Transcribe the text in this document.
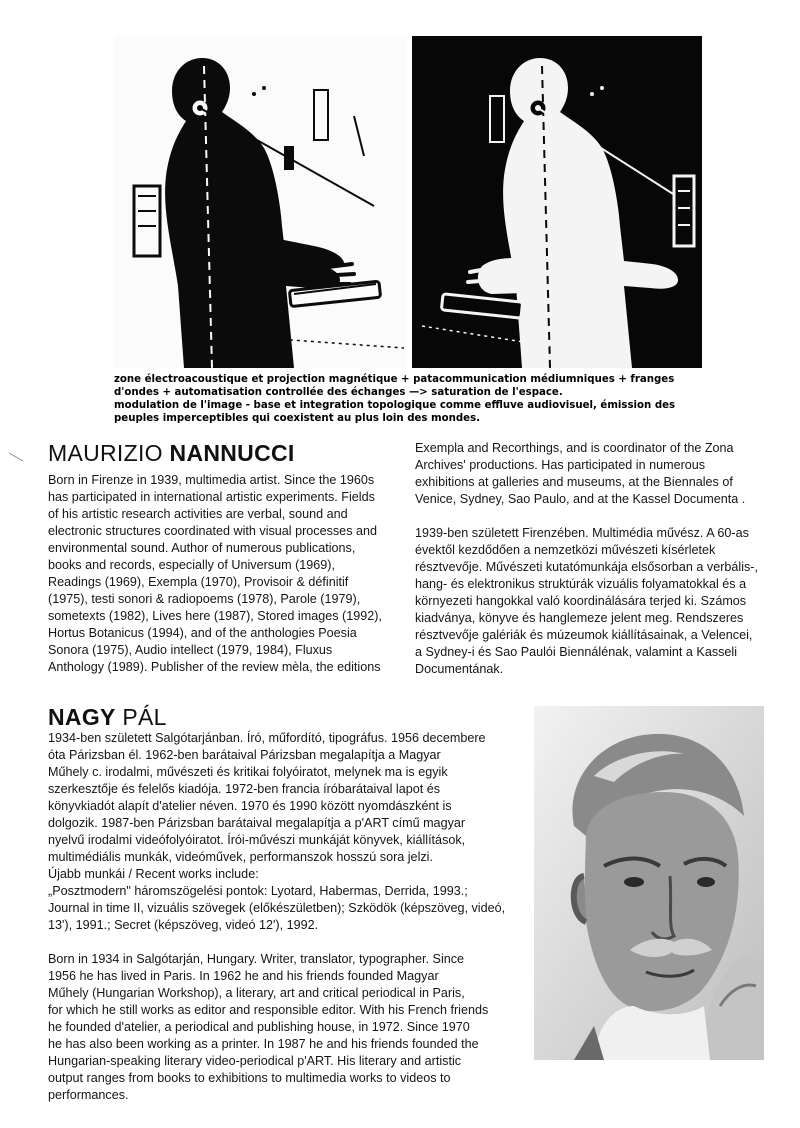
zone électroacoustique et projection magnétique + patacommunication médiumniques + franges
d'ondes + automatisation controllée des échanges —> saturation de l'espace.
modulation de l'image - base et integration topologique comme effluve audiovisuel, émission des
peuples imperceptibles qui coexistent au plus loin des mondes.
MAURIZIO NANNUCCI
Born in Firenze in 1939, multimedia artist. Since the 1960s
has participated in international artistic experiments. Fields
of his artistic research activities are verbal, sound and
electronic structures coordinated with visual processes and
environmental sound. Author of numerous publications,
books and records, especially of Universum (1969),
Readings (1969), Exempla (1970), Provisoir & définitif
(1975), testi sonori & radiopoems (1978), Parole (1979),
sometexts (1982), Lives here (1987), Stored images (1992),
Hortus Botanicus (1994), and of the anthologies Poesia
Sonora (1975), Audio intellect (1979, 1984), Fluxus
Anthology (1989). Publisher of the review mèla, the editions
Exempla and Recorthings, and is coordinator of the Zona
Archives' productions. Has participated in numerous
exhibitions at galleries and museums, at the Biennales of
Venice, Sydney, Sao Paulo, and at the Kassel Documenta .
1939-ben született Firenzében. Multimédia művész. A 60-as
évektől kezdődően a nemzetközi művészeti kísérletek
résztvevője. Művészeti kutatómunkája elsősorban a verbális-,
hang- és elektronikus struktúrák vizuális folyamatokkal és a
környezeti hangokkal való koordinálására terjed ki. Számos
kiadványa, könyve és hanglemeze jelent meg. Rendszeres
résztvevője galériák és múzeumok kiállításainak, a Velencei,
a Sydney-i és Sao Paulói Biennálénak, valamint a Kasseli
Documentának.
NAGY PÁL
1934-ben született Salgótarjánban. Író, műfordító, tipográfus. 1956 decembere
óta Párizsban él. 1962-ben barátaival Párizsban megalapítja a Magyar
Műhely c. irodalmi, művészeti és kritikai folyóiratot, melynek ma is egyik
szerkesztője és felelős kiadója. 1972-ben francia íróbarátaival lapot és
könyvkiadót alapít d'atelier néven. 1970 és 1990 között nyomdászként is
dolgozik. 1987-ben Párizsban barátaival megalapítja a p'ART című magyar
nyelvű irodalmi videófolyóiratot. Írói-művészi munkáját könyvek, kiállítások,
multimédiális munkák, videóművek, performanszok hosszú sora jelzi.
Újabb munkái / Recent works include:
„Posztmodern" háromszögelési pontok: Lyotard, Habermas, Derrida, 1993.;
Journal in time II, vizuális szövegek (előkészületben); Szködök (képszöveg, videó,
13'), 1991.; Secret (képszöveg, videó 12'), 1992.
Born in 1934 in Salgótarján, Hungary. Writer, translator, typographer. Since
1956 he has lived in Paris. In 1962 he and his friends founded Magyar
Műhely (Hungarian Workshop), a literary, art and critical periodical in Paris,
for which he still works as editor and responsible editor. With his French friends
he founded d'atelier, a periodical and publishing house, in 1972. Since 1970
he has also been working as a printer. In 1987 he and his friends founded the
Hungarian-speaking literary video-periodical p'ART. His literary and artistic
output ranges from books to exhibitions to multimedia works to videos to
performances.
